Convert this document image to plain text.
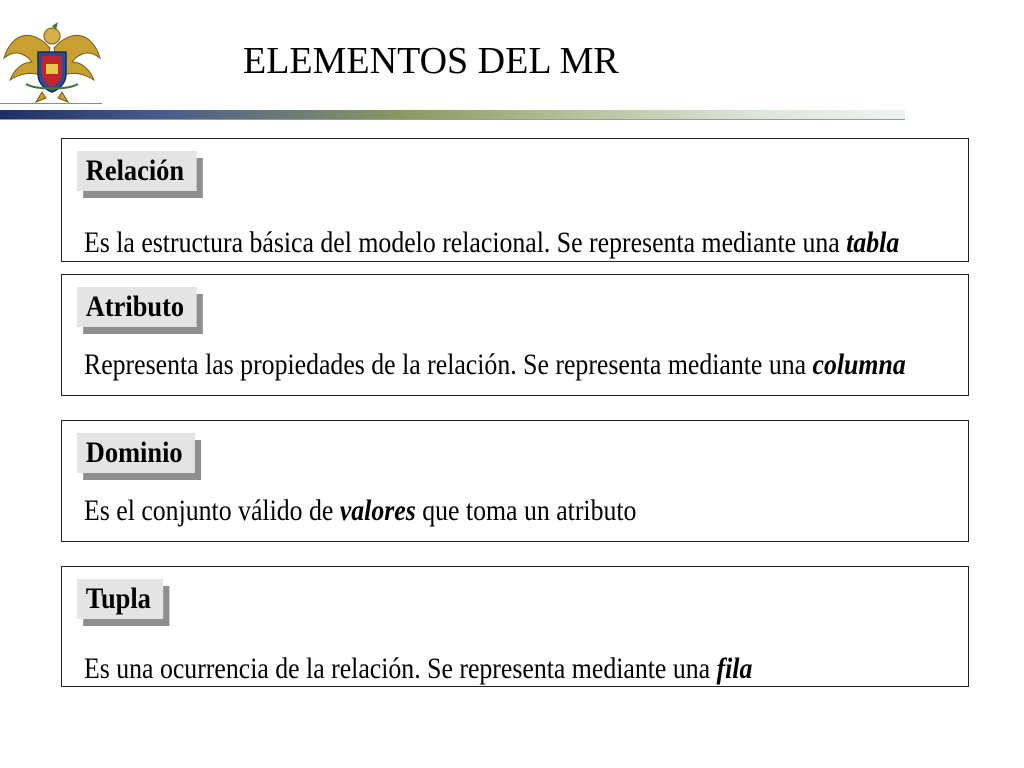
ELEMENTOS DEL MR
Relación
Es la estructura básica del modelo relacional. Se representa mediante una tabla
Atributo
Representa las propiedades de la relación. Se representa mediante una columna
Dominio
Es el conjunto válido de valores que toma un atributo
Tupla
Es una ocurrencia de la relación. Se representa mediante una fila
